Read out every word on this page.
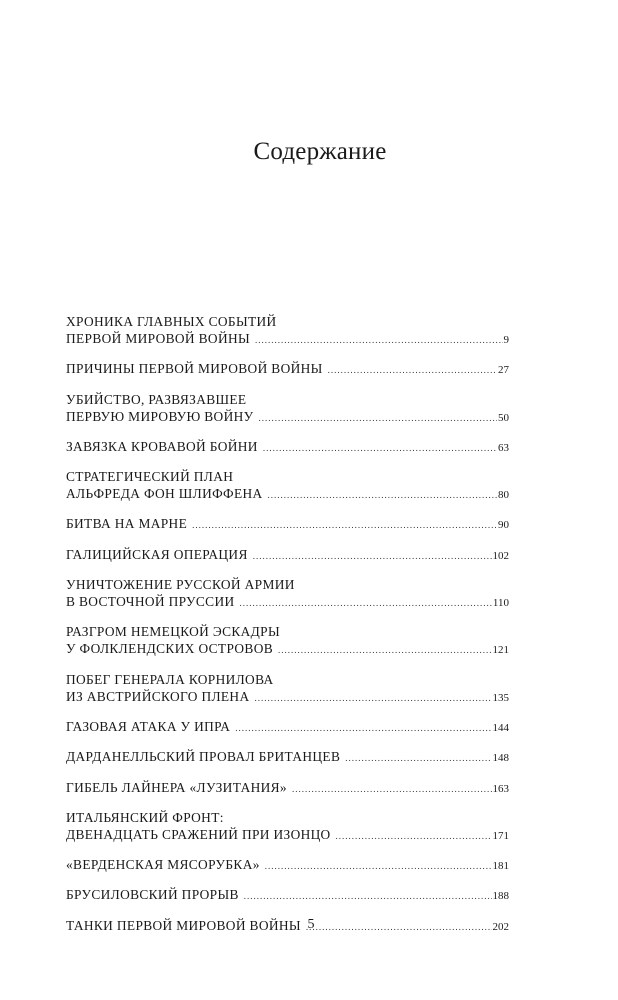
Содержание
ХРОНИКА ГЛАВНЫХ СОБЫТИЙ
ПЕРВОЙ МИРОВОЙ ВОЙНЫ .....	9
ПРИЧИНЫ ПЕРВОЙ МИРОВОЙ ВОЙНЫ .....	27
УБИЙСТВО, РАЗВЯЗАВШЕЕ
ПЕРВУЮ МИРОВУЮ ВОЙНУ .....	50
ЗАВЯЗКА КРОВАВОЙ БОЙНИ .....	63
СТРАТЕГИЧЕСКИЙ ПЛАН
АЛЬФРЕДА ФОН ШЛИФФЕНА .....	80
БИТВА НА МАРНЕ .....	90
ГАЛИЦИЙСКАЯ ОПЕРАЦИЯ .....	102
УНИЧТОЖЕНИЕ РУССКОЙ АРМИИ
В ВОСТОЧНОЙ ПРУССИИ .....	110
РАЗГРОМ НЕМЕЦКОЙ ЭСКАДРЫ
У ФОЛКЛЕНДСКИХ ОСТРОВОВ .....	121
ПОБЕГ ГЕНЕРАЛА КОРНИЛОВА
ИЗ АВСТРИЙСКОГО ПЛЕНА .....	135
ГАЗОВАЯ АТАКА У ИПРА .....	144
ДАРДАНЕЛЛЬСКИЙ ПРОВАЛ БРИТАНЦЕВ .....	148
ГИБЕЛЬ ЛАЙНЕРА «ЛУЗИТАНИЯ» .....	163
ИТАЛЬЯНСКИЙ ФРОНТ:
ДВЕНАДЦАТЬ СРАЖЕНИЙ ПРИ ИЗОНЦО .....	171
«ВЕРДЕНСКАЯ МЯСОРУБКА» .....	181
БРУСИЛОВСКИЙ ПРОРЫВ .....	188
ТАНКИ ПЕРВОЙ МИРОВОЙ ВОЙНЫ .....	202
5
